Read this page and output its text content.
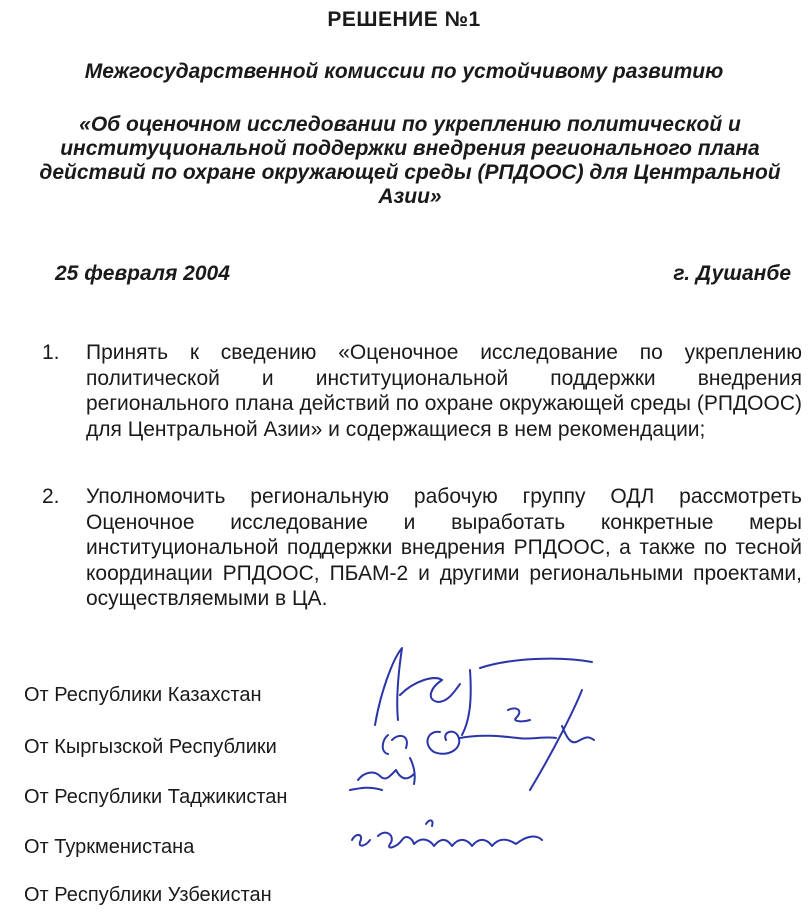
РЕШЕНИЕ №1
Межгосударственной комиссии по устойчивому развитию
«Об оценочном исследовании по укреплению политической и
институциональной поддержки внедрения регионального плана
действий по охране окружающей среды (РПДООС) для Центральной
Азии»
25 февраля 2004	г. Душанбе
1.	Принять к сведению «Оценочное исследование по укреплению политической и институциональной поддержки внедрения регионального плана действий по охране окружающей среды (РПДООС) для Центральной Азии» и содержащиеся в нем рекомендации;
2.	Уполномочить региональную рабочую группу ОДЛ рассмотреть Оценочное исследование и выработать конкретные меры институциональной поддержки внедрения РПДООС, а также по тесной координации РПДООС, ПБАМ-2 и другими региональными проектами, осуществляемыми в ЦА.
От Республики Казахстан
От Кыргызской Республики
От Республики Таджикистан
От Туркменистана
От Республики Узбекистан
